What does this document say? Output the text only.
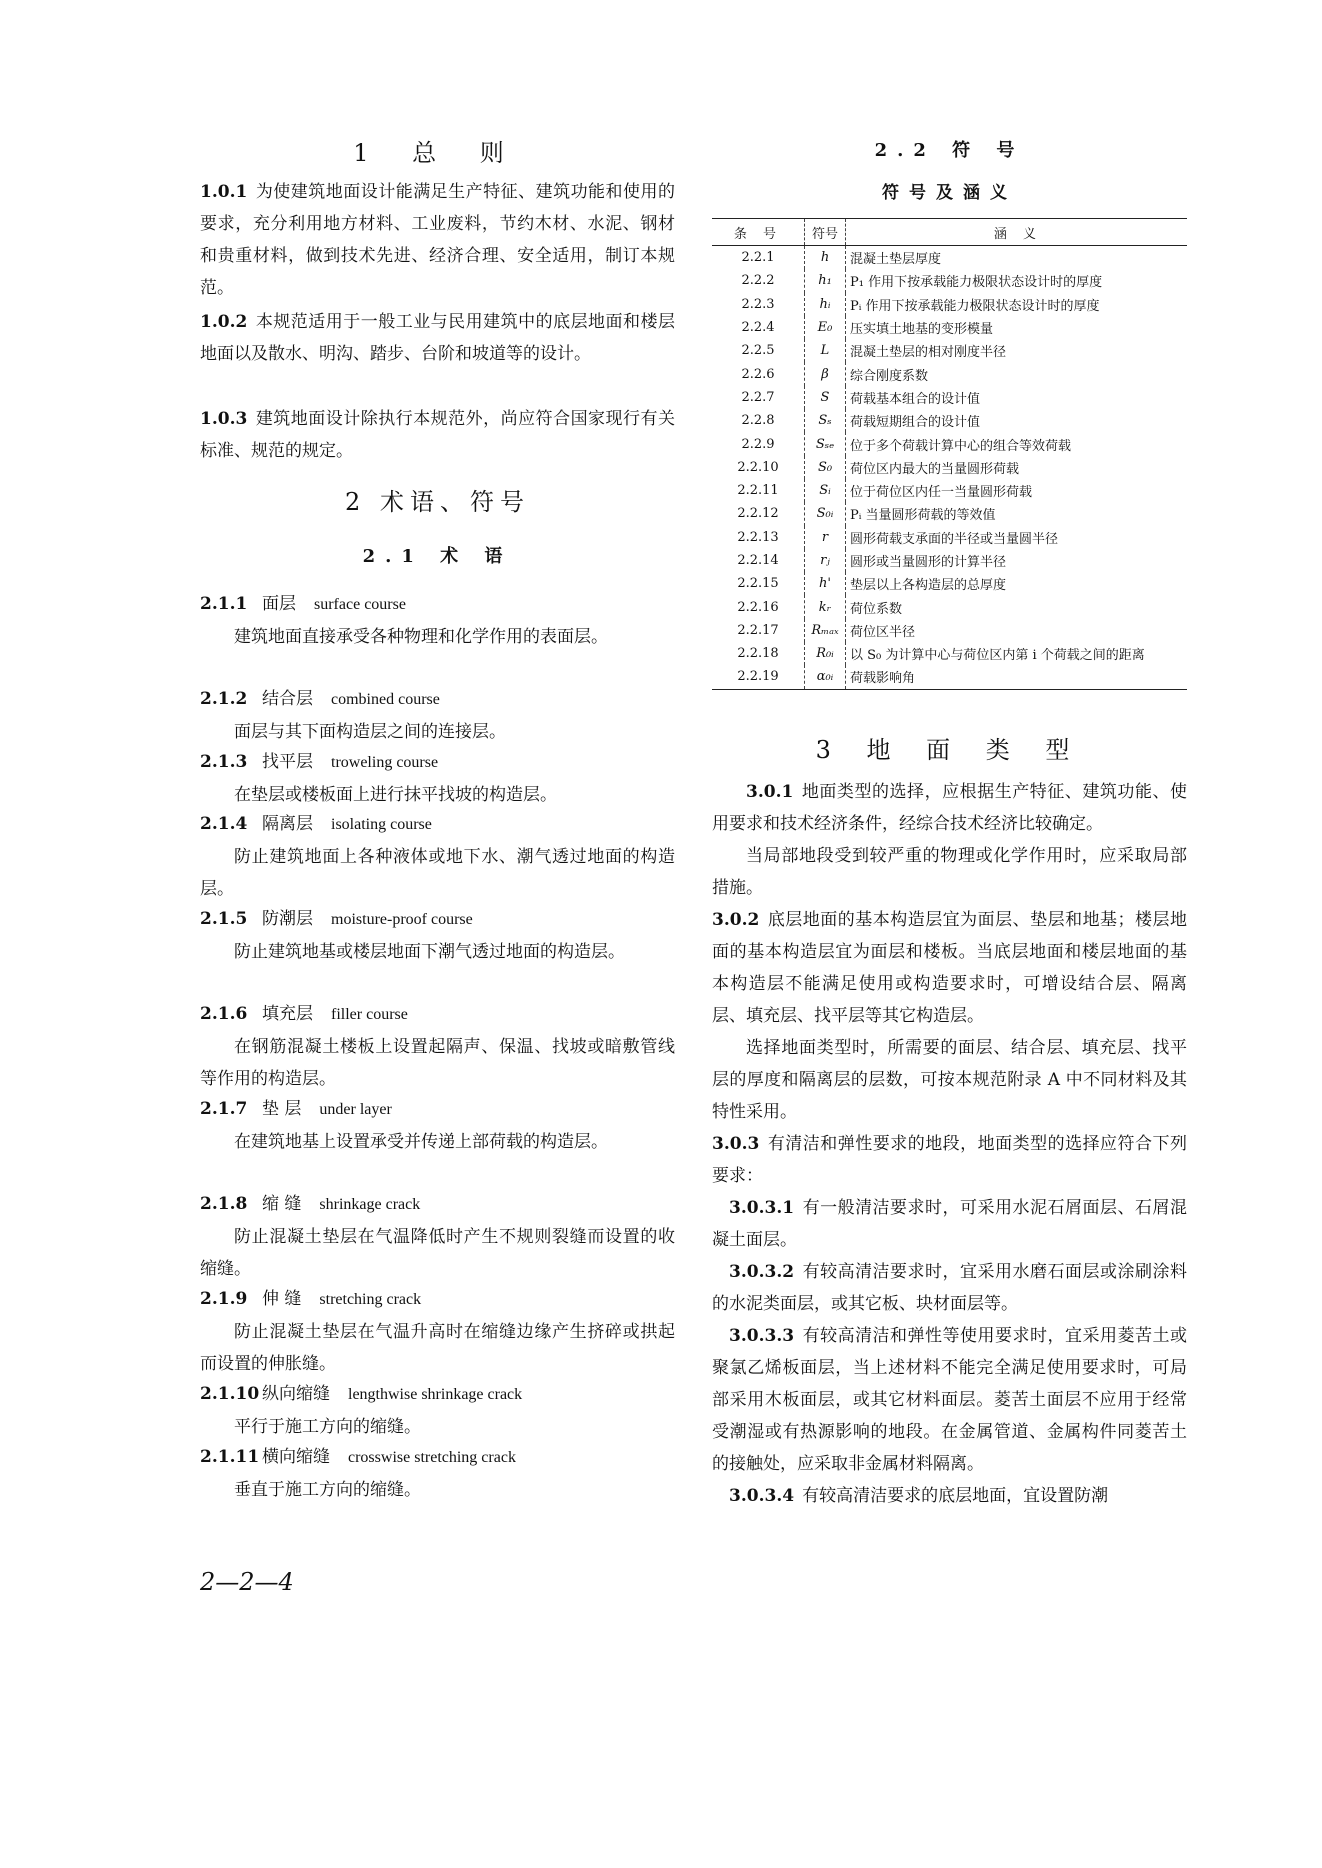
1 总 则

1.0.1 为使建筑地面设计能满足生产特征、建筑功能和使用的要求，充分利用地方材料、工业废料，节约木材、水泥、钢材和贵重材料，做到技术先进、经济合理、安全适用，制订本规范。

1.0.2 本规范适用于一般工业与民用建筑中的底层地面和楼层地面以及散水、明沟、踏步、台阶和坡道等的设计。

1.0.3 建筑地面设计除执行本规范外，尚应符合国家现行有关标准、规范的规定。

2 术语、符号
2.1 术 语
2.1.1 面层 surface course

建筑地面直接承受各种物理和化学作用的表面层。

2.1.2 结合层 combined course

面层与其下面构造层之间的连接层。

2.1.3 找平层 troweling course

在垫层或楼板面上进行抹平找坡的构造层。

2.1.4 隔离层 isolating course

防止建筑地面上各种液体或地下水、潮气透过地面的构造层。

2.1.5 防潮层 moisture-proof course

防止建筑地基或楼层地面下潮气透过地面的构造层。

2.1.6 填充层 filler course

在钢筋混凝土楼板上设置起隔声、保温、找坡或暗敷管线等作用的构造层。

2.1.7 垫 层 under layer

在建筑地基上设置承受并传递上部荷载的构造层。

2.1.8 缩 缝 shrinkage crack

防止混凝土垫层在气温降低时产生不规则裂缝而设置的收缩缝。

2.1.9 伸 缝 stretching crack

防止混凝土垫层在气温升高时在缩缝边缘产生挤碎或拱起而设置的伸胀缝。

2.1.10 纵向缩缝 lengthwise shrinkage crack

平行于施工方向的缩缝。

2.1.11 横向缩缝 crosswise stretching crack

垂直于施工方向的缩缝。

2.2 符 号
符号及涵义
条 号	符号	涵 义
2.2.1	h	混凝土垫层厚度
2.2.2	h₁	P₁ 作用下按承载能力极限状态设计时的厚度
2.2.3	hᵢ	Pᵢ 作用下按承载能力极限状态设计时的厚度
2.2.4	E₀	压实填土地基的变形模量
2.2.5	L	混凝土垫层的相对刚度半径
2.2.6	β	综合刚度系数
2.2.7	S	荷载基本组合的设计值
2.2.8	Sₛ	荷载短期组合的设计值
2.2.9	Sₛₑ	位于多个荷载计算中心的组合等效荷载
2.2.10	S₀	荷位区内最大的当量圆形荷载
2.2.11	Sᵢ	位于荷位区内任一当量圆形荷载
2.2.12	S₀ᵢ	Pᵢ 当量圆形荷载的等效值
2.2.13	r	圆形荷载支承面的半径或当量圆半径
2.2.14	rⱼ	圆形或当量圆形的计算半径
2.2.15	h'	垫层以上各构造层的总厚度
2.2.16	kᵣ	荷位系数
2.2.17	Rₘₐₓ	荷位区半径
2.2.18	R₀ᵢ	以 S₀ 为计算中心与荷位区内第 i 个荷载之间的距离
2.2.19	α₀ᵢ	荷载影响角
3 地 面 类 型

3.0.1 地面类型的选择，应根据生产特征、建筑功能、使用要求和技术经济条件，经综合技术经济比较确定。

当局部地段受到较严重的物理或化学作用时，应采取局部措施。

3.0.2 底层地面的基本构造层宜为面层、垫层和地基；楼层地面的基本构造层宜为面层和楼板。当底层地面和楼层地面的基本构造层不能满足使用或构造要求时，可增设结合层、隔离层、填充层、找平层等其它构造层。

选择地面类型时，所需要的面层、结合层、填充层、找平层的厚度和隔离层的层数，可按本规范附录 A 中不同材料及其特性采用。

3.0.3 有清洁和弹性要求的地段，地面类型的选择应符合下列要求：

3.0.3.1 有一般清洁要求时，可采用水泥石屑面层、石屑混凝土面层。

3.0.3.2 有较高清洁要求时，宜采用水磨石面层或涂刷涂料的水泥类面层，或其它板、块材面层等。

3.0.3.3 有较高清洁和弹性等使用要求时，宜采用菱苦土或聚氯乙烯板面层，当上述材料不能完全满足使用要求时，可局部采用木板面层，或其它材料面层。菱苦土面层不应用于经常受潮湿或有热源影响的地段。在金属管道、金属构件同菱苦土的接触处，应采取非金属材料隔离。

3.0.3.4 有较高清洁要求的底层地面，宜设置防潮

2—2—4
